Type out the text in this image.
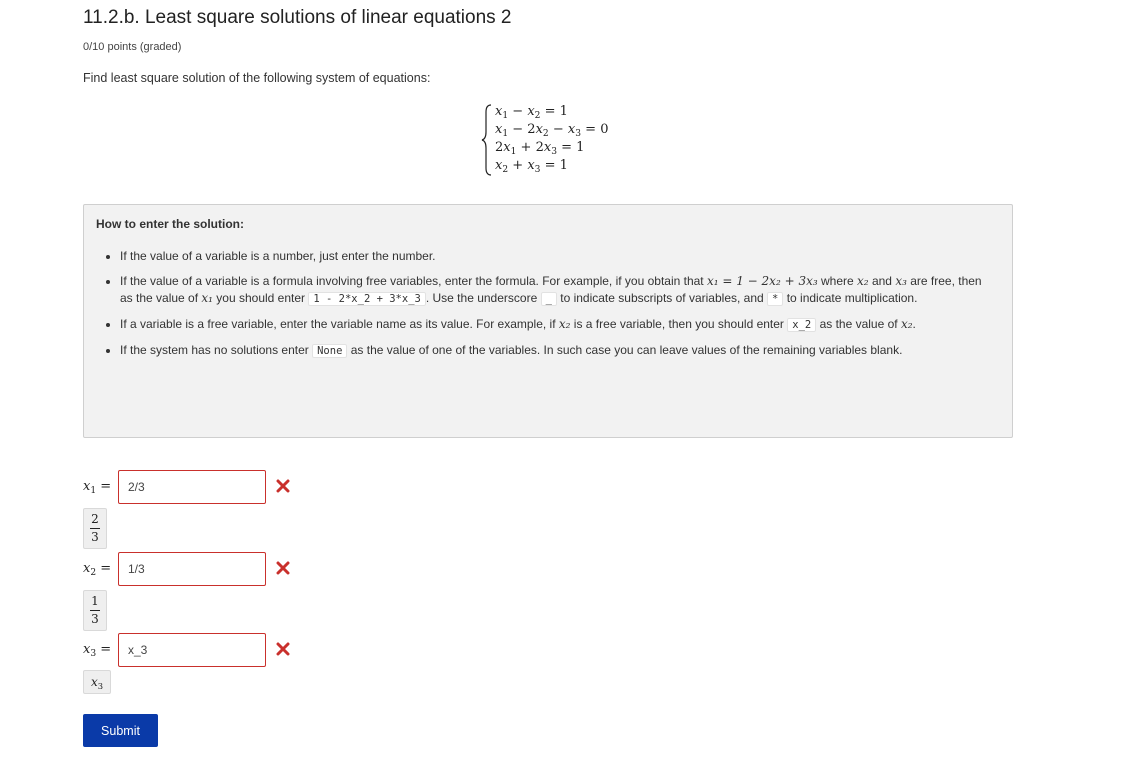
11.2.b. Least square solutions of linear equations 2
0/10 points (graded)
Find least square solution of the following system of equations:
$x_1 - x_2 = 1$
$x_1 - 2x_2 - x_3 = 0$
$2x_1 + 2x_3 = 1$
$x_2 + x_3 = 1$
How to enter the solution:
• If the value of a variable is a number, just enter the number.
• If the value of a variable is a formula involving free variables, enter the formula. For example, if you obtain that x₁ = 1 − 2x₂ + 3x₃ where x₂ and x₃ are free, then as the value of x₁ you should enter 1 - 2*x_2 + 3*x_3 . Use the underscore _ to indicate subscripts of variables, and * to indicate multiplication.
• If a variable is a free variable, enter the variable name as its value. For example, if x₂ is a free variable, then you should enter x_2 as the value of x₂.
• If the system has no solutions enter None as the value of one of the variables. In such case you can leave values of the remaining variables blank.
$x_1$ =
2/3
$\frac{2}{3}$
$x_2$ =
1/3
$\frac{1}{3}$
$x_3$ =
x_3
$x_3$
Submit
